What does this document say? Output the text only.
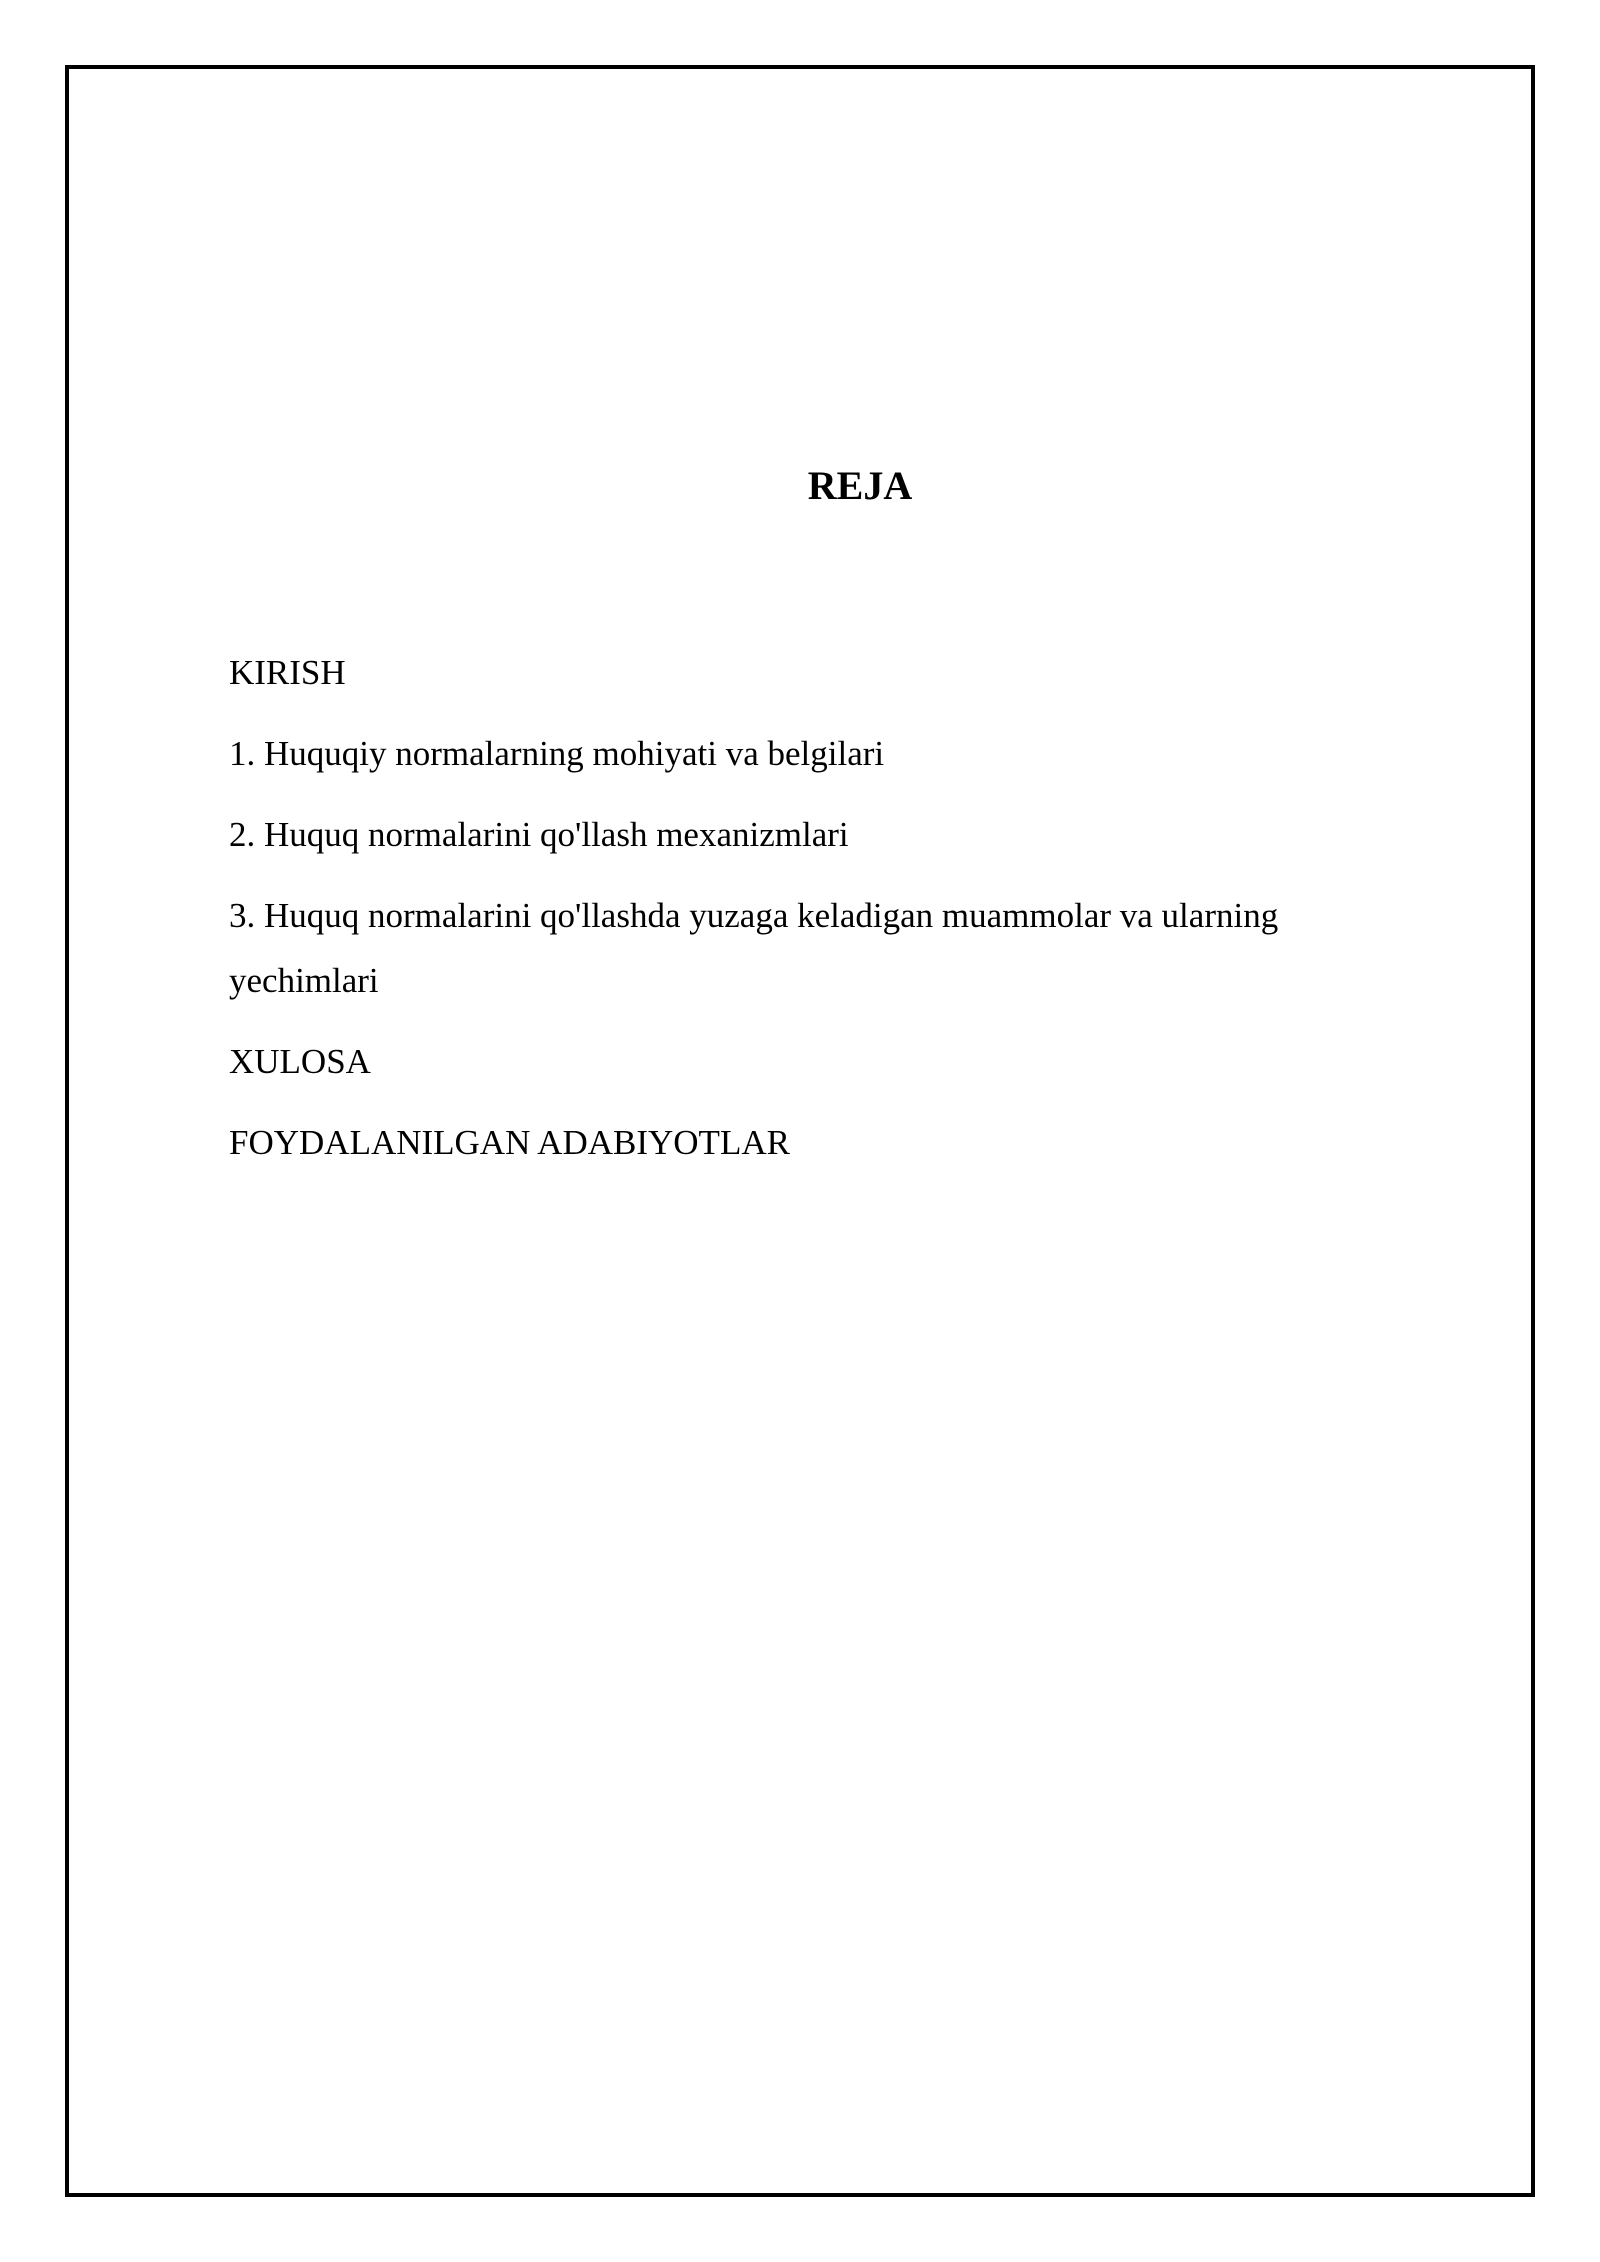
REJA
KIRISH
1. Huquqiy normalarning mohiyati va belgilari
2. Huquq normalarini qo'llash mexanizmlari
3. Huquq normalarini qo'llashda yuzaga keladigan muammolar va ularning yechimlari
XULOSA
FOYDALANILGAN ADABIYOTLAR
